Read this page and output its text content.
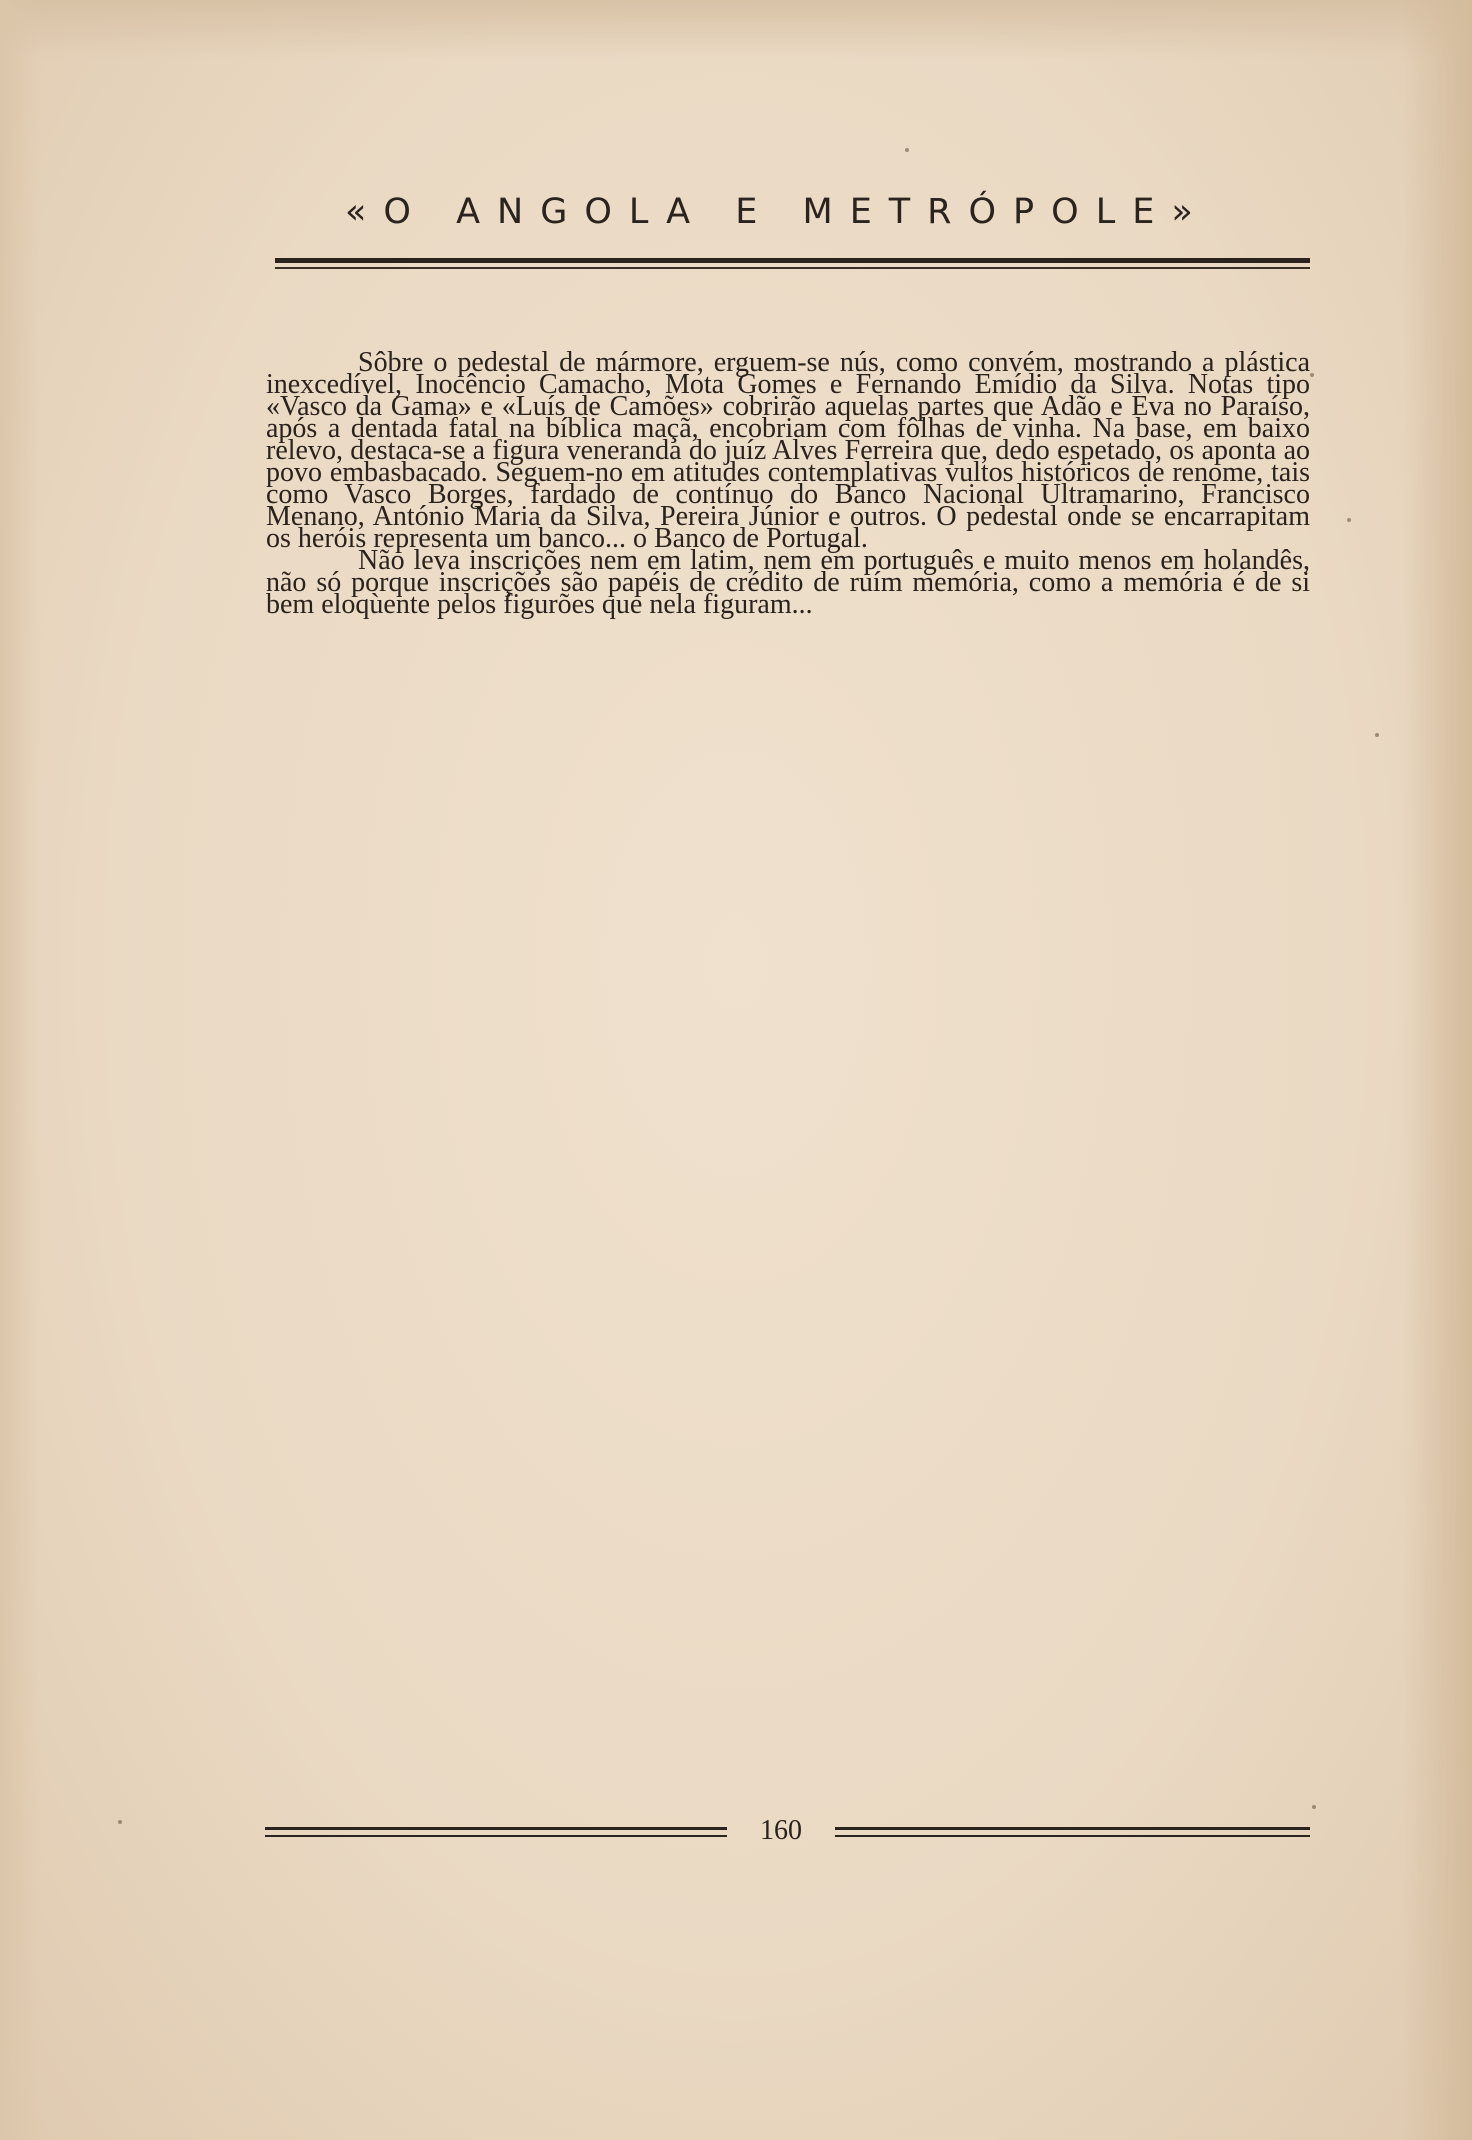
«O ANGOLA E METRÓPOLE»

Sôbre o pedestal de mármore, erguem-se nús, como convém, mostrando a plástica inexcedível, Inocêncio Camacho, Mota Gomes e Fernando Emídio da Silva. Notas tipo «Vasco da Gama» e «Luís de Camões» cobrirão aquelas partes que Adão e Eva no Paraíso, após a dentada fatal na bíblica maçã, encobriam com fôlhas de vinha. Na base, em baixo relevo, destaca-se a figura veneranda do juíz Alves Ferreira que, dedo espetado, os aponta ao povo embasbacado. Seguem-no em atitudes contemplativas vultos históricos de renome, tais como Vasco Borges, fardado de contínuo do Banco Nacional Ultramarino, Francisco Menano, António Maria da Silva, Pereira Júnior e outros. O pedestal onde se encarrapitam os heróis representa um banco... o Banco de Portugal.

Não leva inscrições nem em latim, nem em português e muito menos em holandês, não só porque inscrições são papéis de crédito de ruím memória, como a memória é de si bem eloqùente pelos figurões que nela figuram...

160
